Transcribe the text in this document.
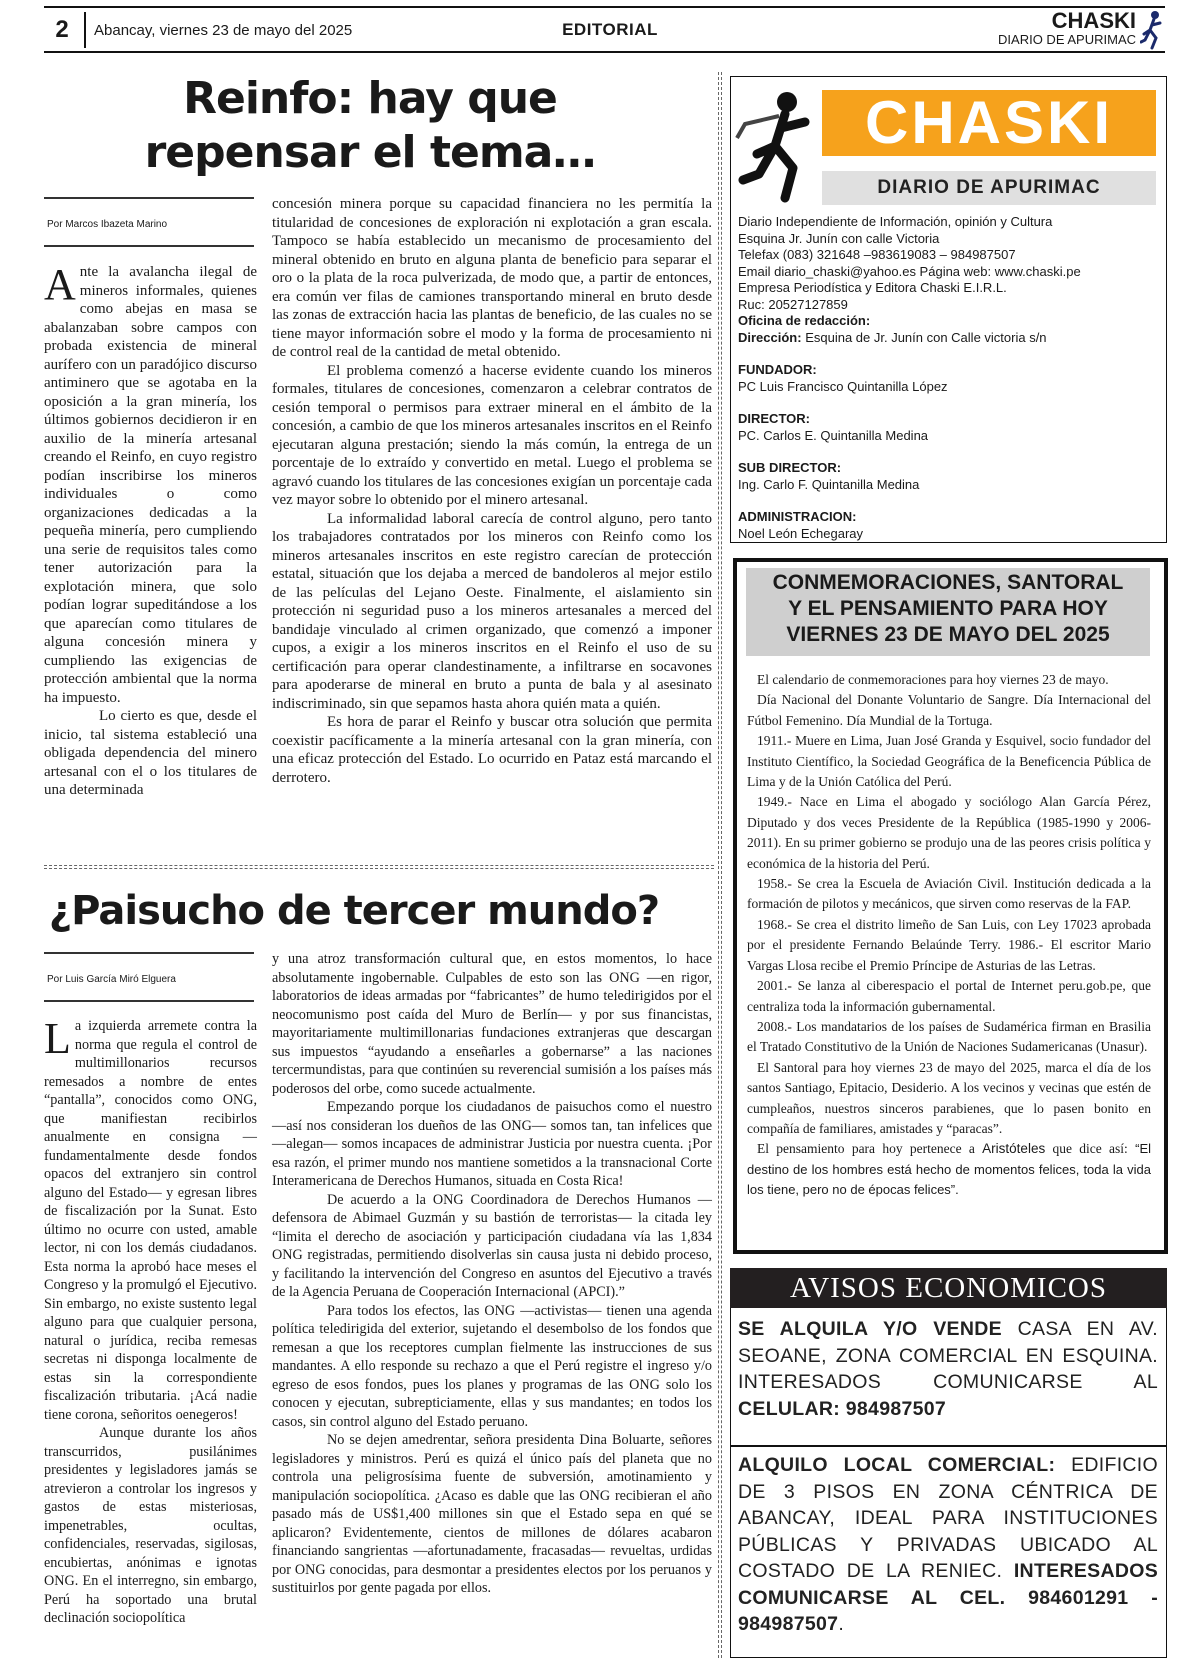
2	Abancay, viernes 23 de mayo del 2025	EDITORIAL	CHASKI
DIARIO DE APURIMAC
Reinfo: hay que
repensar el tema…
Por Marcos Ibazeta Marino

Ante la avalancha ilegal de mineros informales, quienes como abejas en masa se abalanzaban sobre campos con probada existencia de mineral aurífero con un paradójico discurso antiminero que se agotaba en la oposición a la gran minería, los últimos gobiernos decidieron ir en auxilio de la minería artesanal creando el Reinfo, en cuyo registro podían inscribirse los mineros individuales o como organizaciones dedicadas a la pequeña minería, pero cumpliendo una serie de requisitos tales como tener autorización para la explotación minera, que solo podían lograr supeditándose a los que aparecían como titulares de alguna concesión minera y cumpliendo las exigencias de protección ambiental que la norma ha impuesto.

Lo cierto es que, desde el inicio, tal sistema estableció una obligada dependencia del minero artesanal con el o los titulares de una determinada

concesión minera porque su capacidad financiera no les permitía la titularidad de concesiones de exploración ni explotación a gran escala. Tampoco se había establecido un mecanismo de procesamiento del mineral obtenido en bruto en alguna planta de beneficio para separar el oro o la plata de la roca pulverizada, de modo que, a partir de entonces, era común ver filas de camiones transportando mineral en bruto desde las zonas de extracción hacia las plantas de beneficio, de las cuales no se tiene mayor información sobre el modo y la forma de procesamiento ni de control real de la cantidad de metal obtenido.

El problema comenzó a hacerse evidente cuando los mineros formales, titulares de concesiones, comenzaron a celebrar contratos de cesión temporal o permisos para extraer mineral en el ámbito de la concesión, a cambio de que los mineros artesanales inscritos en el Reinfo ejecutaran alguna prestación; siendo la más común, la entrega de un porcentaje de lo extraído y convertido en metal. Luego el problema se agravó cuando los titulares de las concesiones exigían un porcentaje cada vez mayor sobre lo obtenido por el minero artesanal.

La informalidad laboral carecía de control alguno, pero tanto los trabajadores contratados por los mineros con Reinfo como los mineros artesanales inscritos en este registro carecían de protección estatal, situación que los dejaba a merced de bandoleros al mejor estilo de las películas del Lejano Oeste. Finalmente, el aislamiento sin protección ni seguridad puso a los mineros artesanales a merced del bandidaje vinculado al crimen organizado, que comenzó a imponer cupos, a exigir a los mineros inscritos en el Reinfo el uso de su certificación para operar clandestinamente, a infiltrarse en socavones para apoderarse de mineral en bruto a punta de bala y al asesinato indiscriminado, sin que sepamos hasta ahora quién mata a quién.

Es hora de parar el Reinfo y buscar otra solución que permita coexistir pacíficamente a la minería artesanal con la gran minería, con una eficaz protección del Estado. Lo ocurrido en Pataz está marcando el derrotero.

¿Paisucho de tercer mundo?
Por Luis García Miró Elguera

La izquierda arremete contra la norma que regula el control de multimillonarios recursos remesados a nombre de entes “pantalla”, conocidos como ONG, que manifiestan recibirlos anualmente en consigna —fundamentalmente desde fondos opacos del extranjero sin control alguno del Estado— y egresan libres de fiscalización por la Sunat. Esto último no ocurre con usted, amable lector, ni con los demás ciudadanos. Esta norma la aprobó hace meses el Congreso y la promulgó el Ejecutivo. Sin embargo, no existe sustento legal alguno para que cualquier persona, natural o jurídica, reciba remesas secretas ni disponga localmente de estas sin la correspondiente fiscalización tributaria. ¡Acá nadie tiene corona, señoritos oenegeros!

Aunque durante los años transcurridos, pusilánimes presidentes y legisladores jamás se atrevieron a controlar los ingresos y gastos de estas misteriosas, impenetrables, ocultas, confidenciales, reservadas, sigilosas, encubiertas, anónimas e ignotas ONG. En el interregno, sin embargo, Perú ha soportado una brutal declinación sociopolítica

y una atroz transformación cultural que, en estos momentos, lo hace absolutamente ingobernable. Culpables de esto son las ONG —en rigor, laboratorios de ideas armadas por “fabricantes” de humo teledirigidos por el neocomunismo post caída del Muro de Berlín— y por sus financistas, mayoritariamente multimillonarias fundaciones extranjeras que descargan sus impuestos “ayudando a enseñarles a gobernarse” a las naciones tercermundistas, para que continúen su reverencial sumisión a los países más poderosos del orbe, como sucede actualmente.

Empezando porque los ciudadanos de paisuchos como el nuestro —así nos consideran los dueños de las ONG— somos tan, tan infelices que —alegan— somos incapaces de administrar Justicia por nuestra cuenta. ¡Por esa razón, el primer mundo nos mantiene sometidos a la transnacional Corte Interamericana de Derechos Humanos, situada en Costa Rica!

De acuerdo a la ONG Coordinadora de Derechos Humanos —defensora de Abimael Guzmán y su bastión de terroristas— la citada ley “limita el derecho de asociación y participación ciudadana vía las 1,834 ONG registradas, permitiendo disolverlas sin causa justa ni debido proceso, y facilitando la intervención del Congreso en asuntos del Ejecutivo a través de la Agencia Peruana de Cooperación Internacional (APCI).”

Para todos los efectos, las ONG —activistas— tienen una agenda política teledirigida del exterior, sujetando el desembolso de los fondos que remesan a que los receptores cumplan fielmente las instrucciones de sus mandantes. A ello responde su rechazo a que el Perú registre el ingreso y/o egreso de esos fondos, pues los planes y programas de las ONG solo los conocen y ejecutan, subrepticiamente, ellas y sus mandantes; en todos los casos, sin control alguno del Estado peruano.

No se dejen amedrentar, señora presidenta Dina Boluarte, señores legisladores y ministros. Perú es quizá el único país del planeta que no controla una peligrosísima fuente de subversión, amotinamiento y manipulación sociopolítica. ¿Acaso es dable que las ONG recibieran el año pasado más de US$1,400 millones sin que el Estado sepa en qué se aplicaron? Evidentemente, cientos de millones de dólares acabaron financiando sangrientas —afortunadamente, fracasadas— revueltas, urdidas por ONG conocidas, para desmontar a presidentes electos por los peruanos y sustituirlos por gente pagada por ellos.

CHASKI
DIARIO DE APURIMAC
Diario Independiente de Información, opinión y Cultura
Esquina Jr. Junín con calle Victoria
Telefax (083) 321648 –983619083 – 984987507
Email diario_chaski@yahoo.es Página web: www.chaski.pe
Empresa Periodística y Editora Chaski E.I.R.L.
Ruc: 20527127859
Oficina de redacción:
Dirección: Esquina de Jr. Junín con Calle victoria s/n
FUNDADOR:
PC Luis Francisco Quintanilla López
DIRECTOR:
PC. Carlos E. Quintanilla Medina
SUB DIRECTOR:
Ing. Carlo F. Quintanilla Medina
ADMINISTRACION:
Noel León Echegaray
CONMEMORACIONES, SANTORAL
Y EL PENSAMIENTO PARA HOY
VIERNES 23 DE MAYO DEL 2025

El calendario de conmemoraciones para hoy viernes 23 de mayo.

Día Nacional del Donante Voluntario de Sangre. Día Internacional del Fútbol Femenino. Día Mundial de la Tortuga.

1911.- Muere en Lima, Juan José Granda y Esquivel, socio fundador del Instituto Científico, la Sociedad Geográfica de la Beneficencia Pública de Lima y de la Unión Católica del Perú.

1949.- Nace en Lima el abogado y sociólogo Alan García Pérez, Diputado y dos veces Presidente de la República (1985-1990 y 2006-2011). En su primer gobierno se produjo una de las peores crisis política y económica de la historia del Perú.

1958.- Se crea la Escuela de Aviación Civil. Institución dedicada a la formación de pilotos y mecánicos, que sirven como reservas de la FAP.

1968.- Se crea el distrito limeño de San Luis, con Ley 17023 aprobada por el presidente Fernando Belaúnde Terry. 1986.- El escritor Mario Vargas Llosa recibe el Premio Príncipe de Asturias de las Letras.

2001.- Se lanza al ciberespacio el portal de Internet peru.gob.pe, que centraliza toda la información gubernamental.

2008.- Los mandatarios de los países de Sudamérica firman en Brasilia el Tratado Constitutivo de la Unión de Naciones Sudamericanas (Unasur).

El Santoral para hoy viernes 23 de mayo del 2025, marca el día de los santos Santiago, Epitacio, Desiderio. A los vecinos y vecinas que estén de cumpleaños, nuestros sinceros parabienes, que lo pasen bonito en compañía de familiares, amistades y “paracas”.

El pensamiento para hoy pertenece a Aristóteles que dice así: “El destino de los hombres está hecho de momentos felices, toda la vida los tiene, pero no de épocas felices”.

AVISOS ECONOMICOS
SE ALQUILA Y/O VENDE CASA EN AV. SEOANE, ZONA COMERCIAL EN ESQUINA. INTERESADOS COMUNICARSE AL CELULAR: 984987507
ALQUILO LOCAL COMERCIAL: EDIFICIO DE 3 PISOS EN ZONA CÉNTRICA DE ABANCAY, IDEAL PARA INSTITUCIONES PÚBLICAS Y PRIVADAS UBICADO AL COSTADO DE LA RENIEC. INTERESADOS COMUNICARSE AL CEL. 984601291 - 984987507.
